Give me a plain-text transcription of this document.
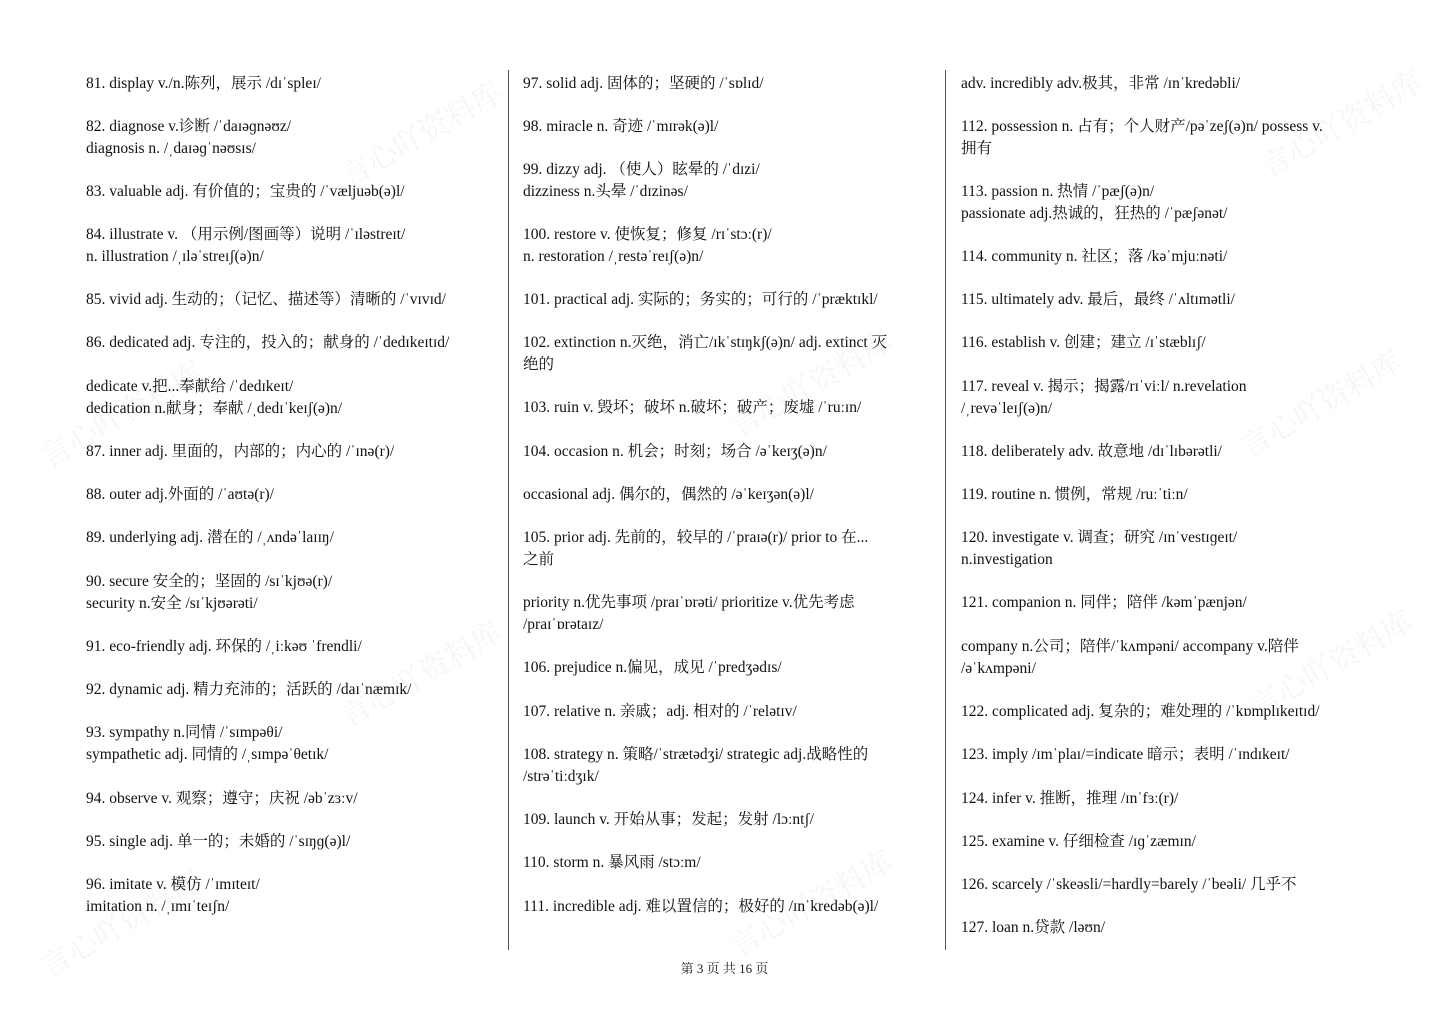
81. display v./n.陈列，展示 /dɪˈspleɪ/
82. diagnose v.诊断 /ˈdaɪəɡnəʊz/
diagnosis n. /ˌdaɪəɡˈnəʊsɪs/
83. valuable adj. 有价值的；宝贵的 /ˈvæljuəb(ə)l/
84. illustrate v. （用示例/图画等）说明 /ˈɪləstreɪt/
n. illustration /ˌɪləˈstreɪʃ(ə)n/
85. vivid adj. 生动的；（记忆、描述等）清晰的 /ˈvɪvɪd/
86. dedicated adj. 专注的，投入的；献身的 /ˈdedɪkeɪtɪd/
dedicate v.把...奉献给 /ˈdedɪkeɪt/
dedication n.献身；奉献 /ˌdedɪˈkeɪʃ(ə)n/
87. inner adj. 里面的，内部的；内心的 /ˈɪnə(r)/
88. outer adj.外面的 /ˈaʊtə(r)/
89. underlying adj. 潜在的 /ˌʌndəˈlaɪɪŋ/
90. secure 安全的；坚固的 /sɪˈkjʊə(r)/
security n.安全 /sɪˈkjʊərəti/
91. eco-friendly adj. 环保的 /ˌiːkəʊ ˈfrendli/
92. dynamic adj. 精力充沛的；活跃的 /daɪˈnæmɪk/
93. sympathy n.同情 /ˈsɪmpəθi/
sympathetic adj. 同情的 /ˌsɪmpəˈθetɪk/
94. observe v. 观察；遵守；庆祝 /əbˈzɜːv/
95. single adj. 单一的；未婚的 /ˈsɪŋɡ(ə)l/
96. imitate v. 模仿 /ˈɪmɪteɪt/
imitation n. /ˌɪmɪˈteɪʃn/
97. solid adj. 固体的；坚硬的 /ˈsɒlɪd/
98. miracle n. 奇迹 /ˈmɪrək(ə)l/
99. dizzy adj. （使人）眩晕的 /ˈdɪzi/
dizziness n.头晕 /ˈdɪzinəs/
100. restore v. 使恢复；修复 /rɪˈstɔː(r)/
n. restoration /ˌrestəˈreɪʃ(ə)n/
101. practical adj. 实际的；务实的；可行的 /ˈpræktɪkl/
102. extinction n.灭绝，消亡/ɪkˈstɪŋkʃ(ə)n/ adj. extinct 灭
绝的
103. ruin v. 毁坏；破坏 n.破坏；破产；废墟 /ˈruːɪn/
104. occasion n. 机会；时刻；场合 /əˈkeɪʒ(ə)n/
occasional adj. 偶尔的，偶然的 /əˈkeɪʒən(ə)l/
105. prior adj. 先前的，较早的 /ˈpraɪə(r)/ prior to 在...
之前
priority n.优先事项 /praɪˈɒrəti/ prioritize v.优先考虑
/praɪˈɒrətaɪz/
106. prejudice n.偏见，成见 /ˈpredʒədɪs/
107. relative n. 亲戚；adj. 相对的 /ˈrelətɪv/
108. strategy n. 策略/ˈstrætədʒi/ strategic adj.战略性的
/strəˈtiːdʒɪk/
109. launch v. 开始从事；发起；发射 /lɔːntʃ/
110. storm n. 暴风雨 /stɔːm/
111. incredible adj. 难以置信的；极好的 /ɪnˈkredəb(ə)l/
adv. incredibly adv.极其，非常 /ɪnˈkredəbli/
112. possession n. 占有；个人财产/pəˈzeʃ(ə)n/ possess v.
拥有
113. passion n. 热情 /ˈpæʃ(ə)n/
passionate adj.热诚的，狂热的 /ˈpæʃənət/
114. community n. 社区；落 /kəˈmjuːnəti/
115. ultimately adv. 最后，最终 /ˈʌltɪmətli/
116. establish v. 创建；建立 /ɪˈstæblɪʃ/
117. reveal v. 揭示；揭露/rɪˈviːl/ n.revelation
/ˌrevəˈleɪʃ(ə)n/
118. deliberately adv. 故意地 /dɪˈlɪbərətli/
119. routine n. 惯例，常规 /ruːˈtiːn/
120. investigate v. 调查；研究 /ɪnˈvestɪɡeɪt/
n.investigation
121. companion n. 同伴；陪伴 /kəmˈpænjən/
company n.公司；陪伴/ˈkʌmpəni/ accompany v.陪伴
/əˈkʌmpəni/
122. complicated adj. 复杂的；难处理的 /ˈkɒmplɪkeɪtɪd/
123. imply /ɪmˈplaɪ/=indicate 暗示；表明 /ˈɪndɪkeɪt/
124. infer v. 推断，推理 /ɪnˈfɜː(r)/
125. examine v. 仔细检查 /ɪɡˈzæmɪn/
126. scarcely /ˈskeəsli/=hardly=barely /ˈbeəli/ 几乎不
127. loan n.贷款 /ləʊn/
第 3 页 共 16 页
